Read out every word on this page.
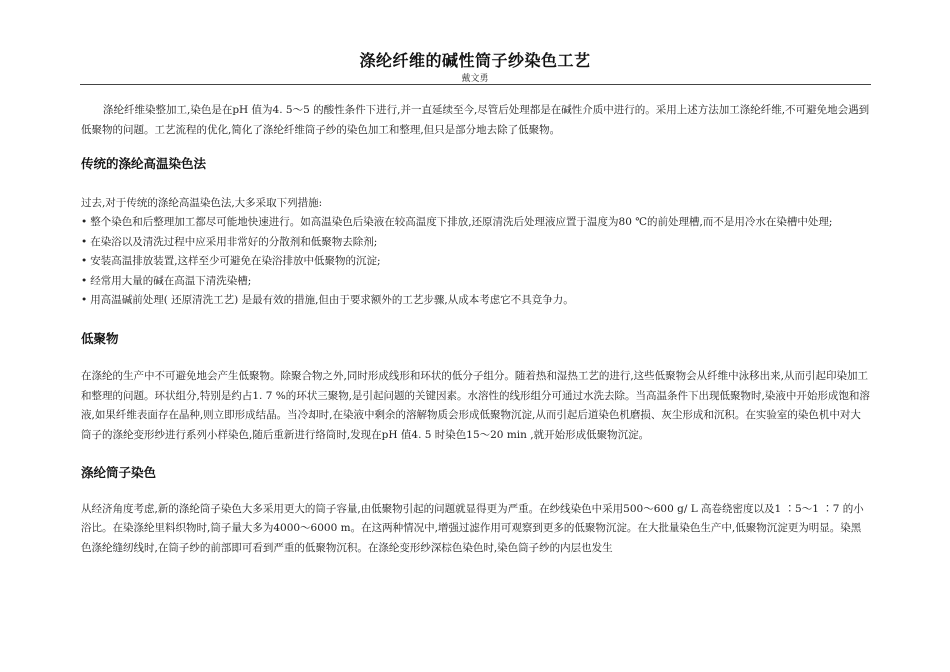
涤纶纤维的碱性筒子纱染色工艺
戴文勇

涤纶纤维染整加工,染色是在pH 值为4. 5～5 的酸性条件下进行,并一直延续至今,尽管后处理都是在碱性介质中进行的。采用上述方法加工涤纶纤维,不可避免地会遇到低聚物的问题。工艺流程的优化,简化了涤纶纤维筒子纱的染色加工和整理,但只是部分地去除了低聚物。

传统的涤纶高温染色法

过去,对于传统的涤纶高温染色法,大多采取下列措施:

• 整个染色和后整理加工都尽可能地快速进行。如高温染色后染液在较高温度下排放,还原清洗后处理液应置于温度为80 ℃的前处理槽,而不是用冷水在染槽中处理;
• 在染浴以及清洗过程中应采用非常好的分散剂和低聚物去除剂;
• 安装高温排放装置,这样至少可避免在染浴排放中低聚物的沉淀;
• 经常用大量的碱在高温下清洗染槽;
• 用高温碱前处理( 还原清洗工艺) 是最有效的措施,但由于要求额外的工艺步骤,从成本考虑它不具竞争力。
低聚物

在涤纶的生产中不可避免地会产生低聚物。除聚合物之外,同时形成线形和环状的低分子组分。随着热和湿热工艺的进行,这些低聚物会从纤维中泳移出来,从而引起印染加工和整理的问题。环状组分,特别是约占1. 7 %的环状三聚物,是引起问题的关键因素。水溶性的线形组分可通过水洗去除。当高温条件下出现低聚物时,染液中开始形成饱和溶液,如果纤维表面存在晶种,则立即形成结晶。当冷却时,在染液中剩余的溶解物质会形成低聚物沉淀,从而引起后道染色机磨损、灰尘形成和沉积。在实验室的染色机中对大筒子的涤纶变形纱进行系列小样染色,随后重新进行络筒时,发现在pH 值4. 5 时染色15～20 min ,就开始形成低聚物沉淀。

涤纶筒子染色

从经济角度考虑,新的涤纶筒子染色大多采用更大的筒子容量,由低聚物引起的问题就显得更为严重。在纱线染色中采用500～600 g/ L 高卷绕密度以及1 ∶5～1 ∶7 的小浴比。在染涤纶里料织物时,筒子量大多为4000～6000 m。在这两种情况中,增强过滤作用可观察到更多的低聚物沉淀。在大批量染色生产中,低聚物沉淀更为明显。染黑色涤纶缝纫线时,在筒子纱的前部即可看到严重的低聚物沉积。在涤纶变形纱深棕色染色时,染色筒子纱的内层也发生
